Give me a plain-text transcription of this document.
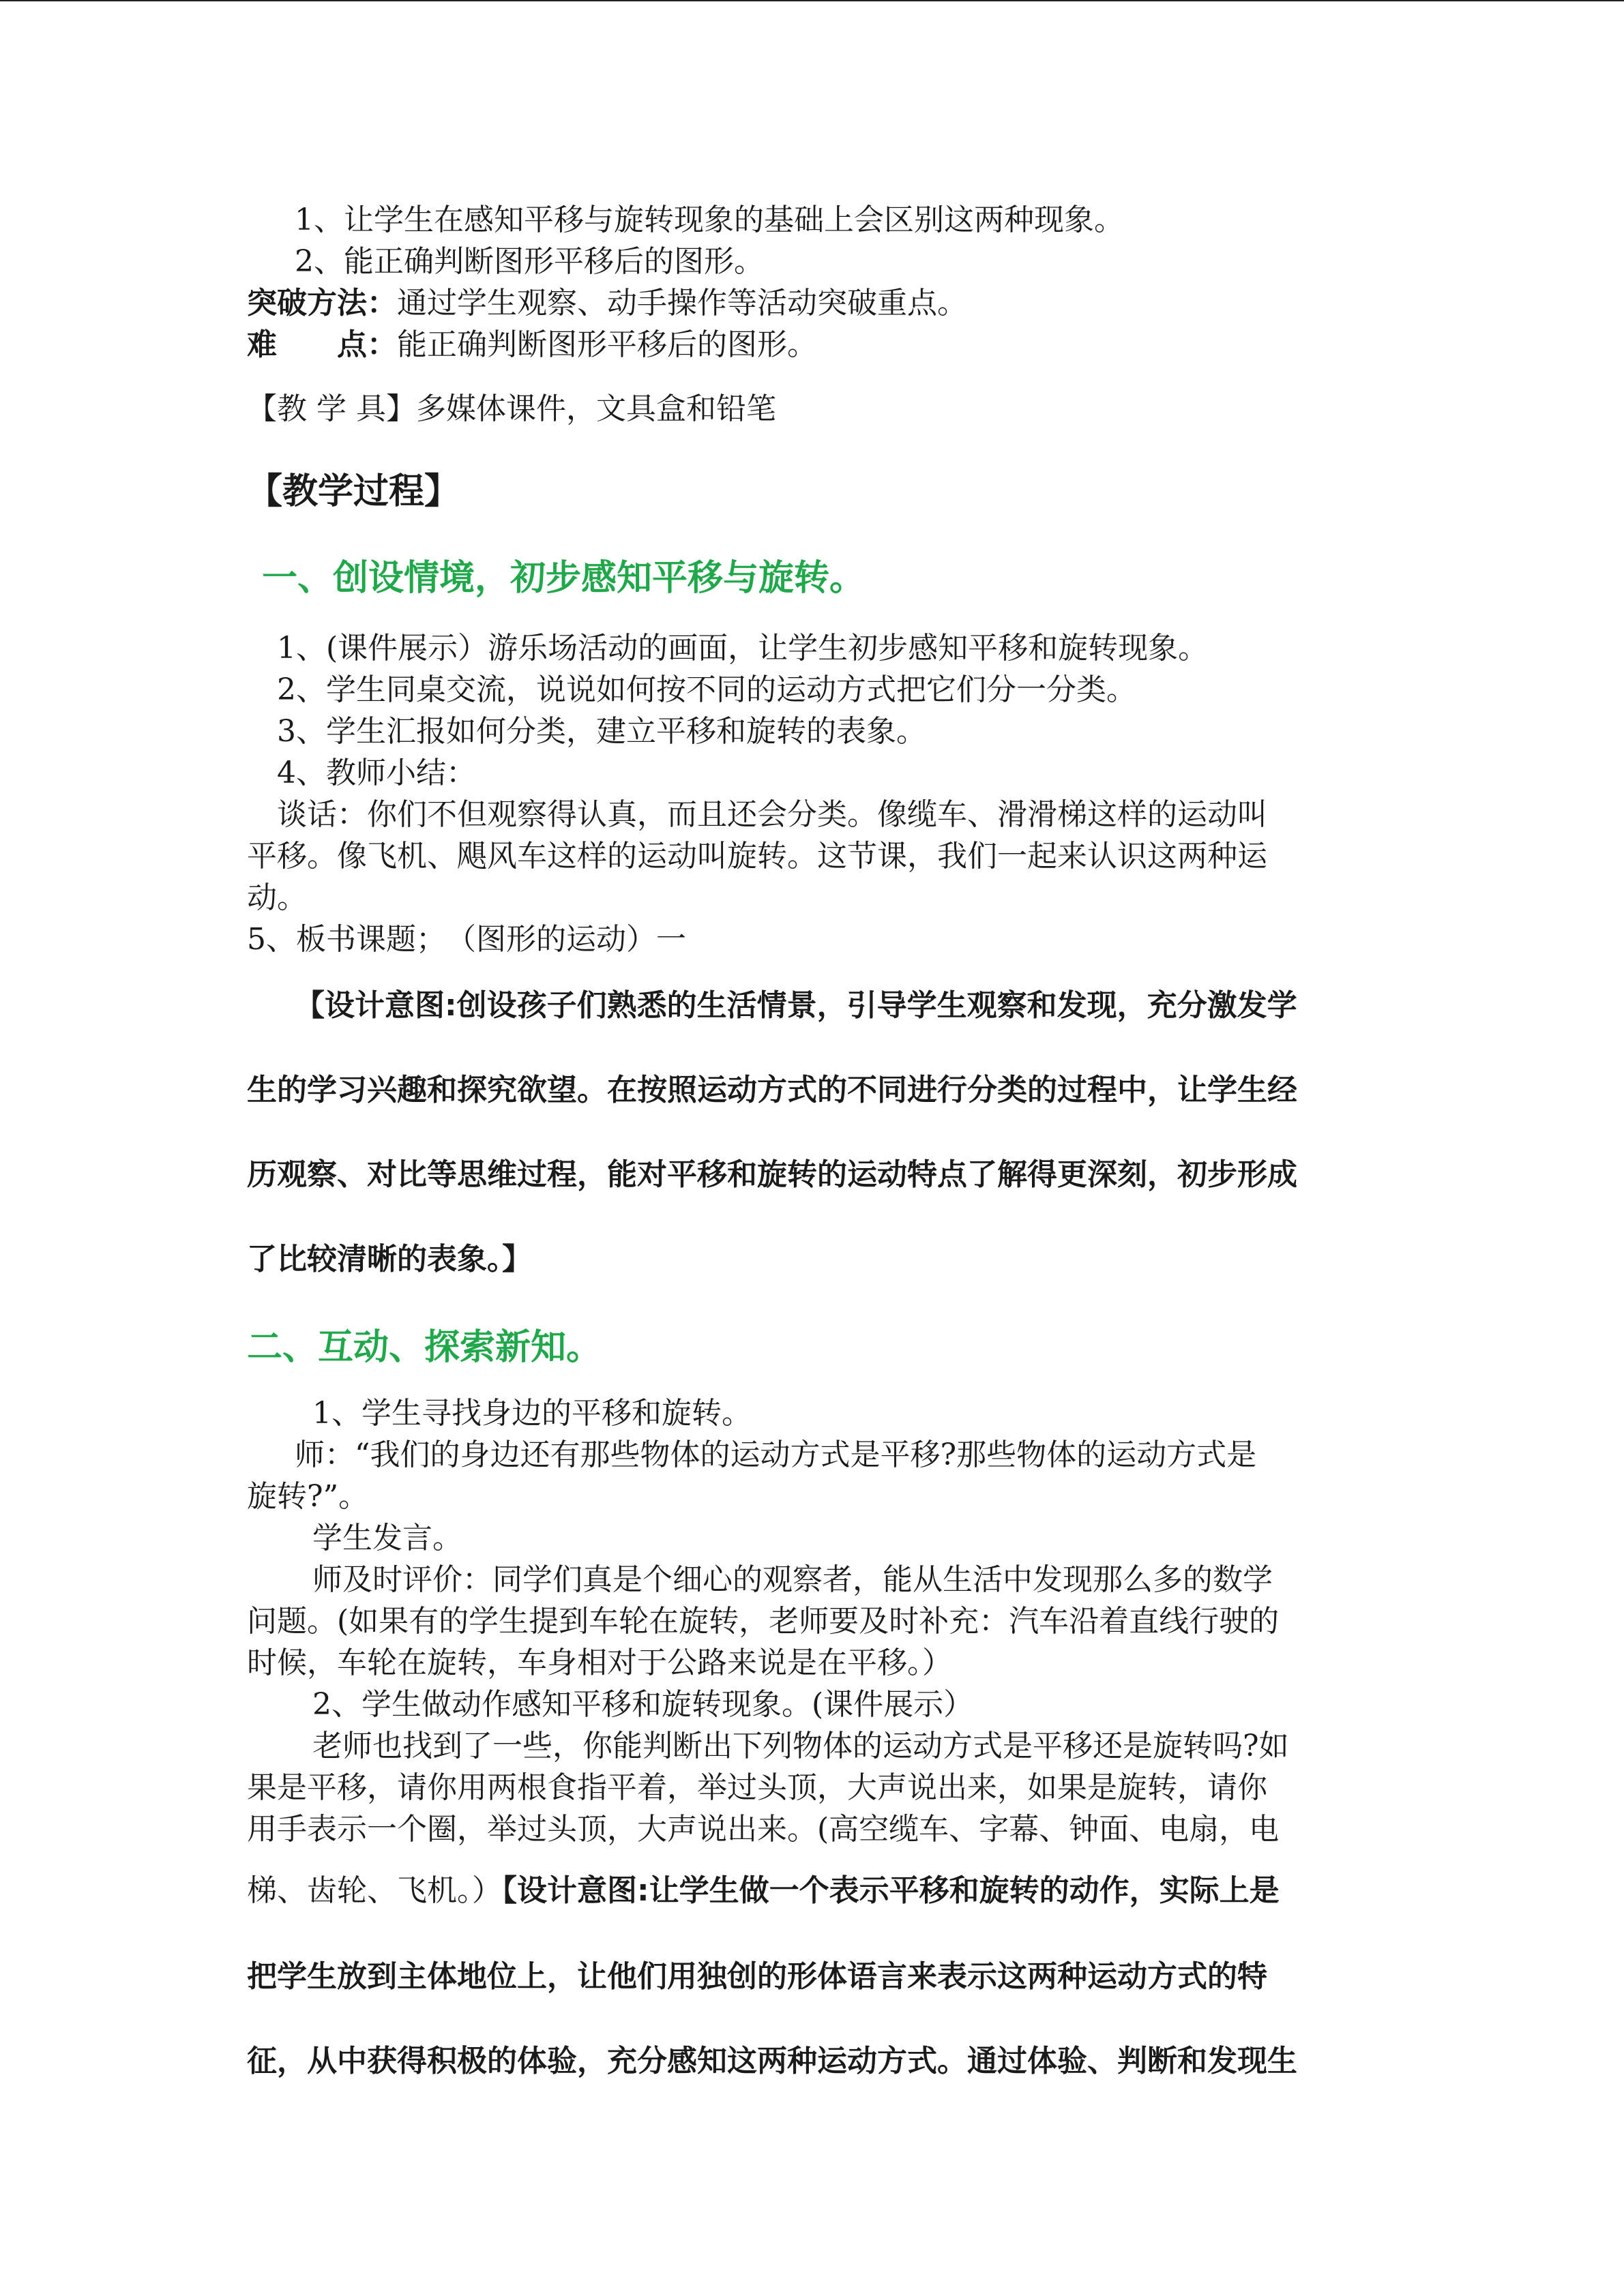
1、让学生在感知平移与旋转现象的基础上会区别这两种现象。
2、能正确判断图形平移后的图形。
突破方法：通过学生观察、动手操作等活动突破重点。
难　　点：能正确判断图形平移后的图形。
【教 学 具】多媒体课件，文具盒和铅笔
【教学过程】
一、创设情境，初步感知平移与旋转。
1、(课件展示）游乐场活动的画面，让学生初步感知平移和旋转现象。
2、学生同桌交流，说说如何按不同的运动方式把它们分一分类。
3、学生汇报如何分类，建立平移和旋转的表象。
4、教师小结：
谈话：你们不但观察得认真，而且还会分类。像缆车、滑滑梯这样的运动叫
平移。像飞机、飓风车这样的运动叫旋转。这节课，我们一起来认识这两种运
动。
5、板书课题；　（图形的运动）一
【设计意图:创设孩子们熟悉的生活情景，引导学生观察和发现，充分激发学
生的学习兴趣和探究欲望。在按照运动方式的不同进行分类的过程中，让学生经
历观察、对比等思维过程，能对平移和旋转的运动特点了解得更深刻，初步形成
了比较清晰的表象。】
二、互动、探索新知。
1、学生寻找身边的平移和旋转。
师：“我们的身边还有那些物体的运动方式是平移?那些物体的运动方式是
旋转?”。
学生发言。
师及时评价：同学们真是个细心的观察者，能从生活中发现那么多的数学
问题。(如果有的学生提到车轮在旋转，老师要及时补充：汽车沿着直线行驶的
时候，车轮在旋转，车身相对于公路来说是在平移。）
2、学生做动作感知平移和旋转现象。(课件展示）
老师也找到了一些，你能判断出下列物体的运动方式是平移还是旋转吗?如
果是平移，请你用两根食指平着，举过头顶，大声说出来，如果是旋转，请你
用手表示一个圈，举过头顶，大声说出来。(高空缆车、字幕、钟面、电扇，电
梯、齿轮、飞机。）【设计意图:让学生做一个表示平移和旋转的动作，实际上是
把学生放到主体地位上，让他们用独创的形体语言来表示这两种运动方式的特
征，从中获得积极的体验，充分感知这两种运动方式。通过体验、判断和发现生
